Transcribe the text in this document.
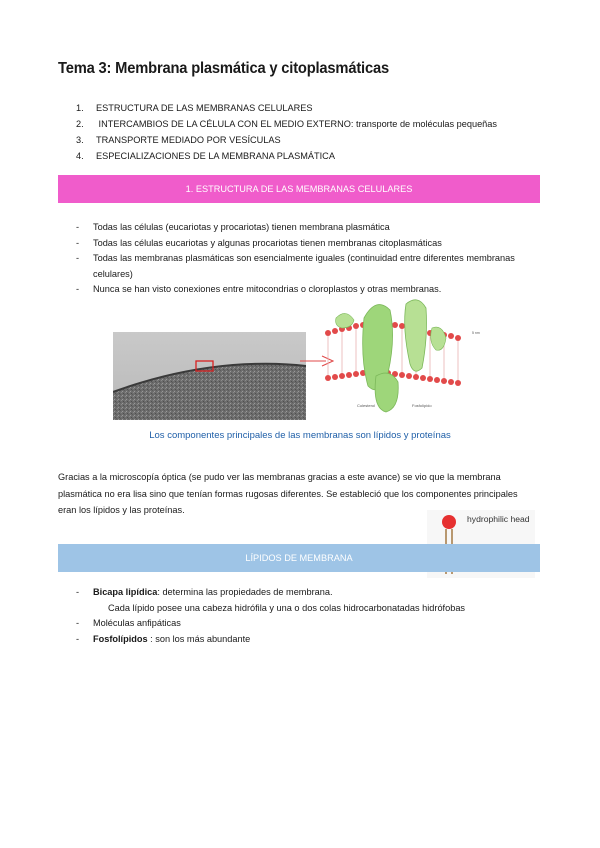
Tema 3: Membrana plasmática y citoplasmáticas
1. ESTRUCTURA DE LAS MEMBRANAS CELULARES
2. INTERCAMBIOS DE LA CÉLULA CON EL MEDIO EXTERNO: transporte de moléculas pequeñas
3. TRANSPORTE MEDIADO POR VESÍCULAS
4. ESPECIALIZACIONES DE LA MEMBRANA PLASMÁTICA
1. ESTRUCTURA DE LAS MEMBRANAS CELULARES
- Todas las células (eucariotas y procariotas) tienen membrana plasmática
- Todas las células eucariotas y algunas procariotas tienen membranas citoplasmáticas
- Todas las membranas plasmáticas son esencialmente iguales (continuidad entre diferentes membranas celulares)
- Nunca se han visto conexiones entre mitocondrias o cloroplastos y otras membranas.
5 nm
Colesterol	Fosfolípido
Los componentes principales de las membranas son lípidos y proteínas
Gracias a la microscopía óptica (se pudo ver las membranas gracias a este avance) se vio que la membrana plasmática no era lisa sino que tenían formas rugosas diferentes. Se estableció que los componentes principales eran los lípidos y las proteínas.
hydrophilic head
LÍPIDOS DE MEMBRANA
- Bicapa lipídica: determina las propiedades de membrana.
Cada lípido posee una cabeza hidrófila y una o dos colas hidrocarbonatadas hidrófobas
- Moléculas anfipáticas
- Fosfolípidos : son los más abundante
